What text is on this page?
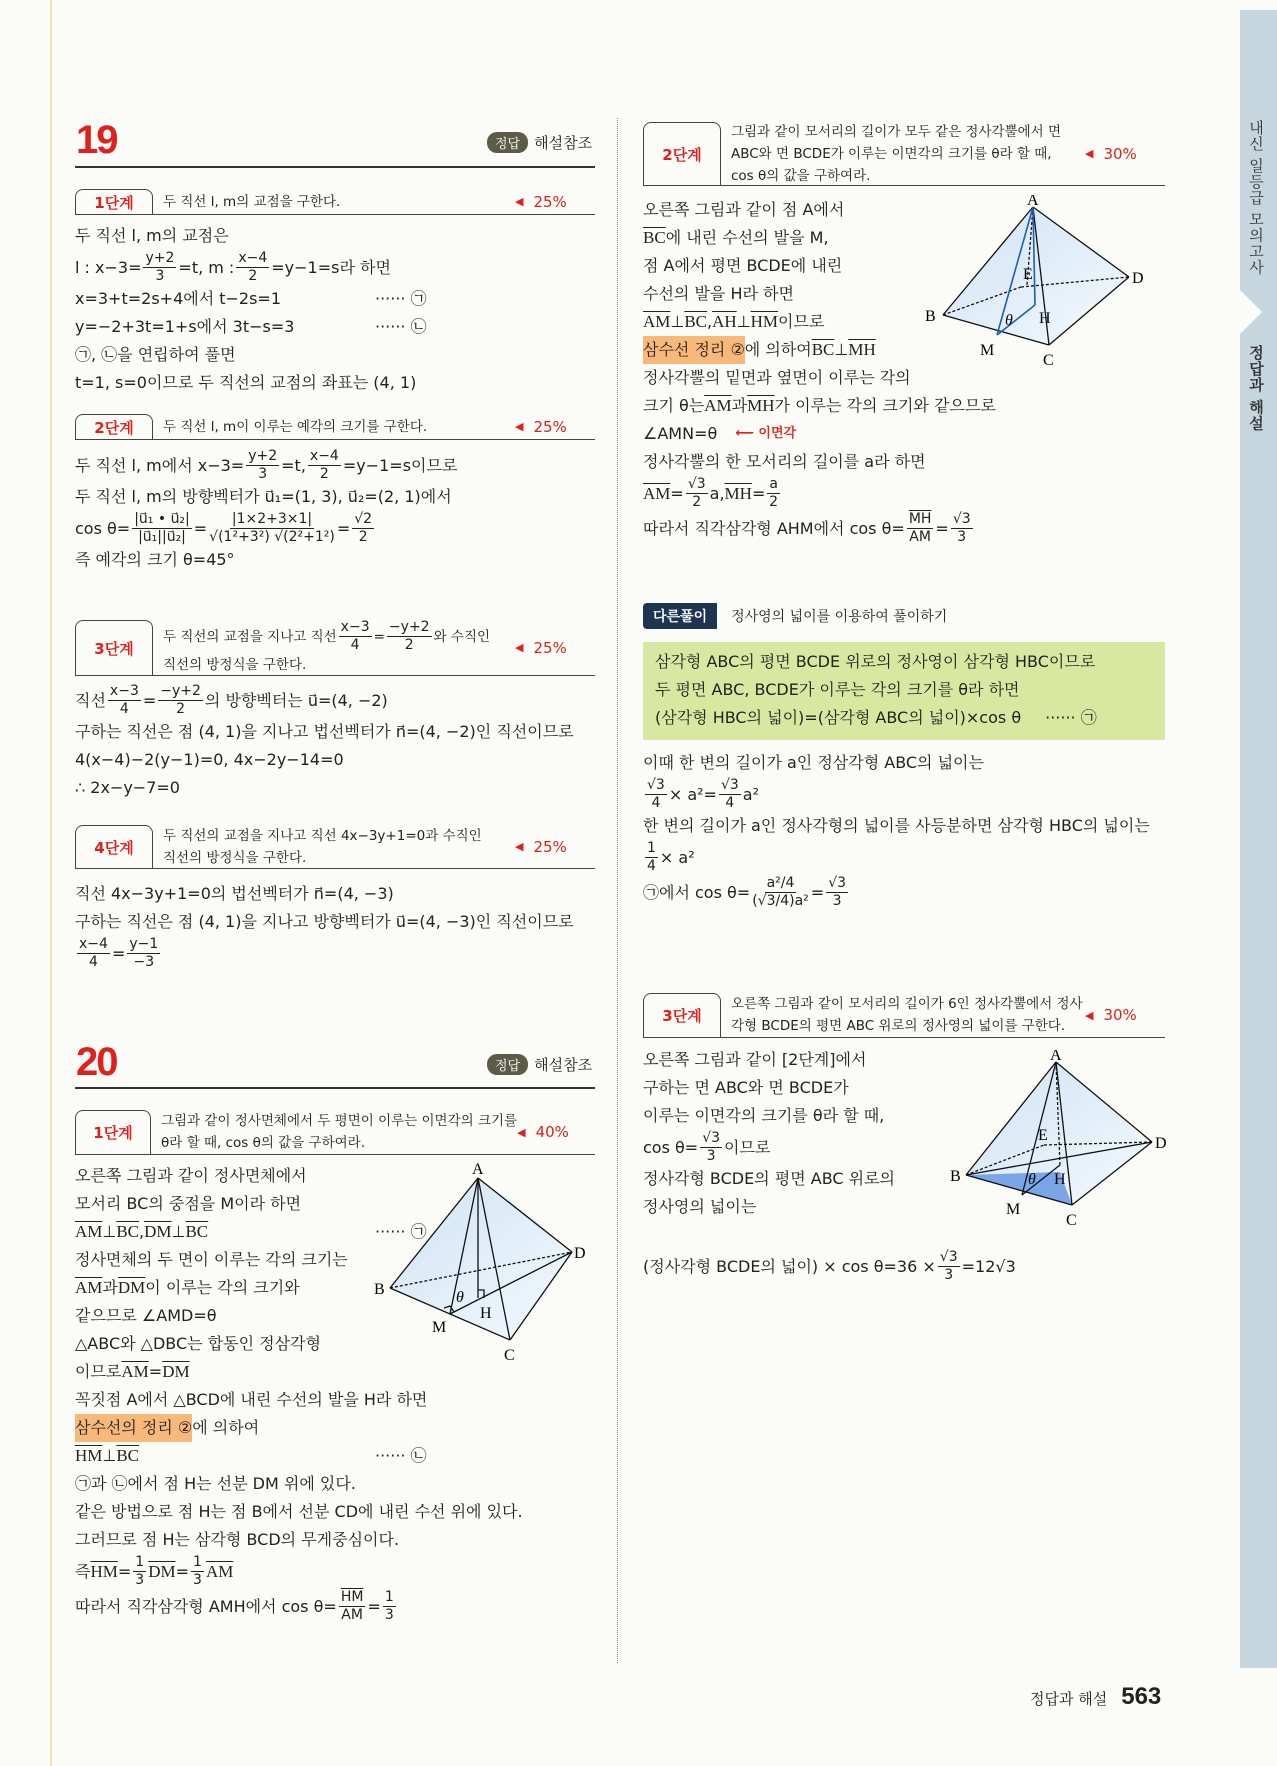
내신 일등급 모의고사
정답과 해설
19	정답 해설참조
1단계	두 직선 l, m의 교점을 구한다.	◀ 25%
두 직선 l, m의 교점은
l : $x-3= \frac{y+2}{3} =t$, m : $\frac{x-4}{2} =y-1=s$라 하면
x=3+t=2s+4에서 t−2s=1	······ ㉠
y=−2+3t=1+s에서 3t−s=3	······ ㉡
㉠, ㉡을 연립하여 풀면
t=1, s=0이므로 두 직선의 교점의 좌표는 (4, 1)
2단계	두 직선 l, m이 이루는 예각의 크기를 구한다.	◀ 25%
두 직선 l, m에서 $x-3= \frac{y+2}{3} =t$, $\frac{x-4}{2} =y-1=s$이므로
두 직선 l, m의 방향벡터가 u⃗₁=(1, 3), u⃗₂=(2, 1)에서
$\cos \theta= \frac{\text{|u⃗₁ • u⃗₂|}}{\text{|u⃗₁||u⃗₂|}} = \frac{|1\times 2+3\times 1|}{\text{√(1²+3²) √(2²+1²)}} = \frac{√2}{2}$
즉 예각의 크기 θ=45°
3단계
두 직선의 교점을 지나고 직선 $\frac{x-3}{4} = \frac{-y+2}{2}$ 와 수직인
직선의 방정식을 구한다.
◀ 25%
직선 $\frac{x-3}{4} = \frac{-y+2}{2}$ 의 방향벡터는 u⃗=(4, −2)
구하는 직선은 점 (4, 1)을 지나고 법선벡터가 n⃗=(4, −2)인 직선이므로
4(x−4)−2(y−1)=0, 4x−2y−14=0
∴ 2x−y−7=0
4단계
두 직선의 교점을 지나고 직선 4x−3y+1=0과 수직인
직선의 방정식을 구한다.
◀ 25%
직선 4x−3y+1=0의 법선벡터가 n⃗=(4, −3)
구하는 직선은 점 (4, 1)을 지나고 방향벡터가 u⃗=(4, −3)인 직선이므로
$\frac{x-4}{4} = \frac{y-1}{-3}$
20	정답 해설참조
1단계
그림과 같이 정사면체에서 두 평면이 이루는 이면각의 크기를
θ라 할 때, cos θ의 값을 구하여라.
◀ 40%
오른쪽 그림과 같이 정사면체에서
모서리 BC의 중점을 M이라 하면
$\overline{AM}$ ⊥ $\overline{BC}$ , $\overline{DM}$ ⊥ $\overline{BC}$	······ ㉠
정사면체의 두 면이 이루는 각의 크기는
$\overline{AM}$ 과 $\overline{DM}$ 이 이루는 각의 크기와
같으므로 ∠AMD=θ
△ABC와 △DBC는 합동인 정삼각형
이므로 $\overline{AM} = \overline{DM}$
꼭짓점 A에서 △BCD에 내린 수선의 발을 H라 하면
삼수선의 정리 ② 에 의하여
$\overline{HM}$ ⊥ $\overline{BC}$	······ ㉡
㉠과 ㉡에서 점 H는 선분 DM 위에 있다.
같은 방법으로 점 H는 점 B에서 선분 CD에 내린 수선 위에 있다.
그러므로 점 H는 삼각형 BCD의 무게중심이다.
즉 $\overline{HM} = \frac{1}{3} \overline{DM} = \frac{1}{3} \overline{AM}$
따라서 직각삼각형 AMH에서 $\cos \theta= \frac{\overline{HM}}{AM} = \frac{1}{3}$
A
B
C
D
M
H
θ
2단계
그림과 같이 모서리의 길이가 모두 같은 정사각뿔에서 면
ABC와 면 BCDE가 이루는 이면각의 크기를 θ라 할 때,
cos θ의 값을 구하여라.
◀ 30%
오른쪽 그림과 같이 점 A에서
$\overline{BC}$ 에 내린 수선의 발을 M,
점 A에서 평면 BCDE에 내린
수선의 발을 H라 하면
$\overline{AM}$ ⊥ $\overline{BC}$ , $\overline{AH}$ ⊥ $\overline{HM}$ 이므로
삼수선 정리 ② 에 의하여 $\overline{BC}$ ⊥ $\overline{MH}$
정사각뿔의 밑면과 옆면이 이루는 각의
크기 θ는 $\overline{AM}$ 과 $\overline{MH}$ 가 이루는 각의 크기와 같으므로
∠AMN=θ ⟵ 이면각
정사각뿔의 한 모서리의 길이를 a라 하면
$\overline{AM} = \frac{√3}{2} a$, $\overline{MH} = \frac{a}{2}$
따라서 직각삼각형 AHM에서 $\cos \theta= \frac{\overline{MH}}{AM} = \frac{√3}{3}$
A
B
C
D
E
M
H
θ
다른풀이	정사영의 넓이를 이용하여 풀이하기
삼각형 ABC의 평면 BCDE 위로의 정사영이 삼각형 HBC이므로
두 평면 ABC, BCDE가 이루는 각의 크기를 θ라 하면
(삼각형 HBC의 넓이)=(삼각형 ABC의 넓이)×cos θ ······ ㉠
이때 한 변의 길이가 a인 정삼각형 ABC의 넓이는
$\frac{√3}{4} \times a^2= \frac{√3}{4} a^2$
한 변의 길이가 a인 정사각형의 넓이를 사등분하면 삼각형 HBC의 넓이는
$\frac{1}{4} \times a^2$
㉠에서 $\cos \theta= \frac{\text{a²/4}}{\text{(√3/4)a²}} = \frac{√3}{3}$
3단계
오른쪽 그림과 같이 모서리의 길이가 6인 정사각뿔에서 정사
각형 BCDE의 평면 ABC 위로의 정사영의 넓이를 구한다.
◀ 30%
오른쪽 그림과 같이 [2단계]에서
구하는 면 ABC와 면 BCDE가
이루는 이면각의 크기를 θ라 할 때,
$\cos \theta= \frac{√3}{3}$ 이므로
정사각형 BCDE의 평면 ABC 위로의
정사영의 넓이는
(정사각형 BCDE의 넓이) × $\cos \theta=36 \times \frac{√3}{3} =12√3$
A
B
C
D
E
M
H
θ
정답과 해설 563
